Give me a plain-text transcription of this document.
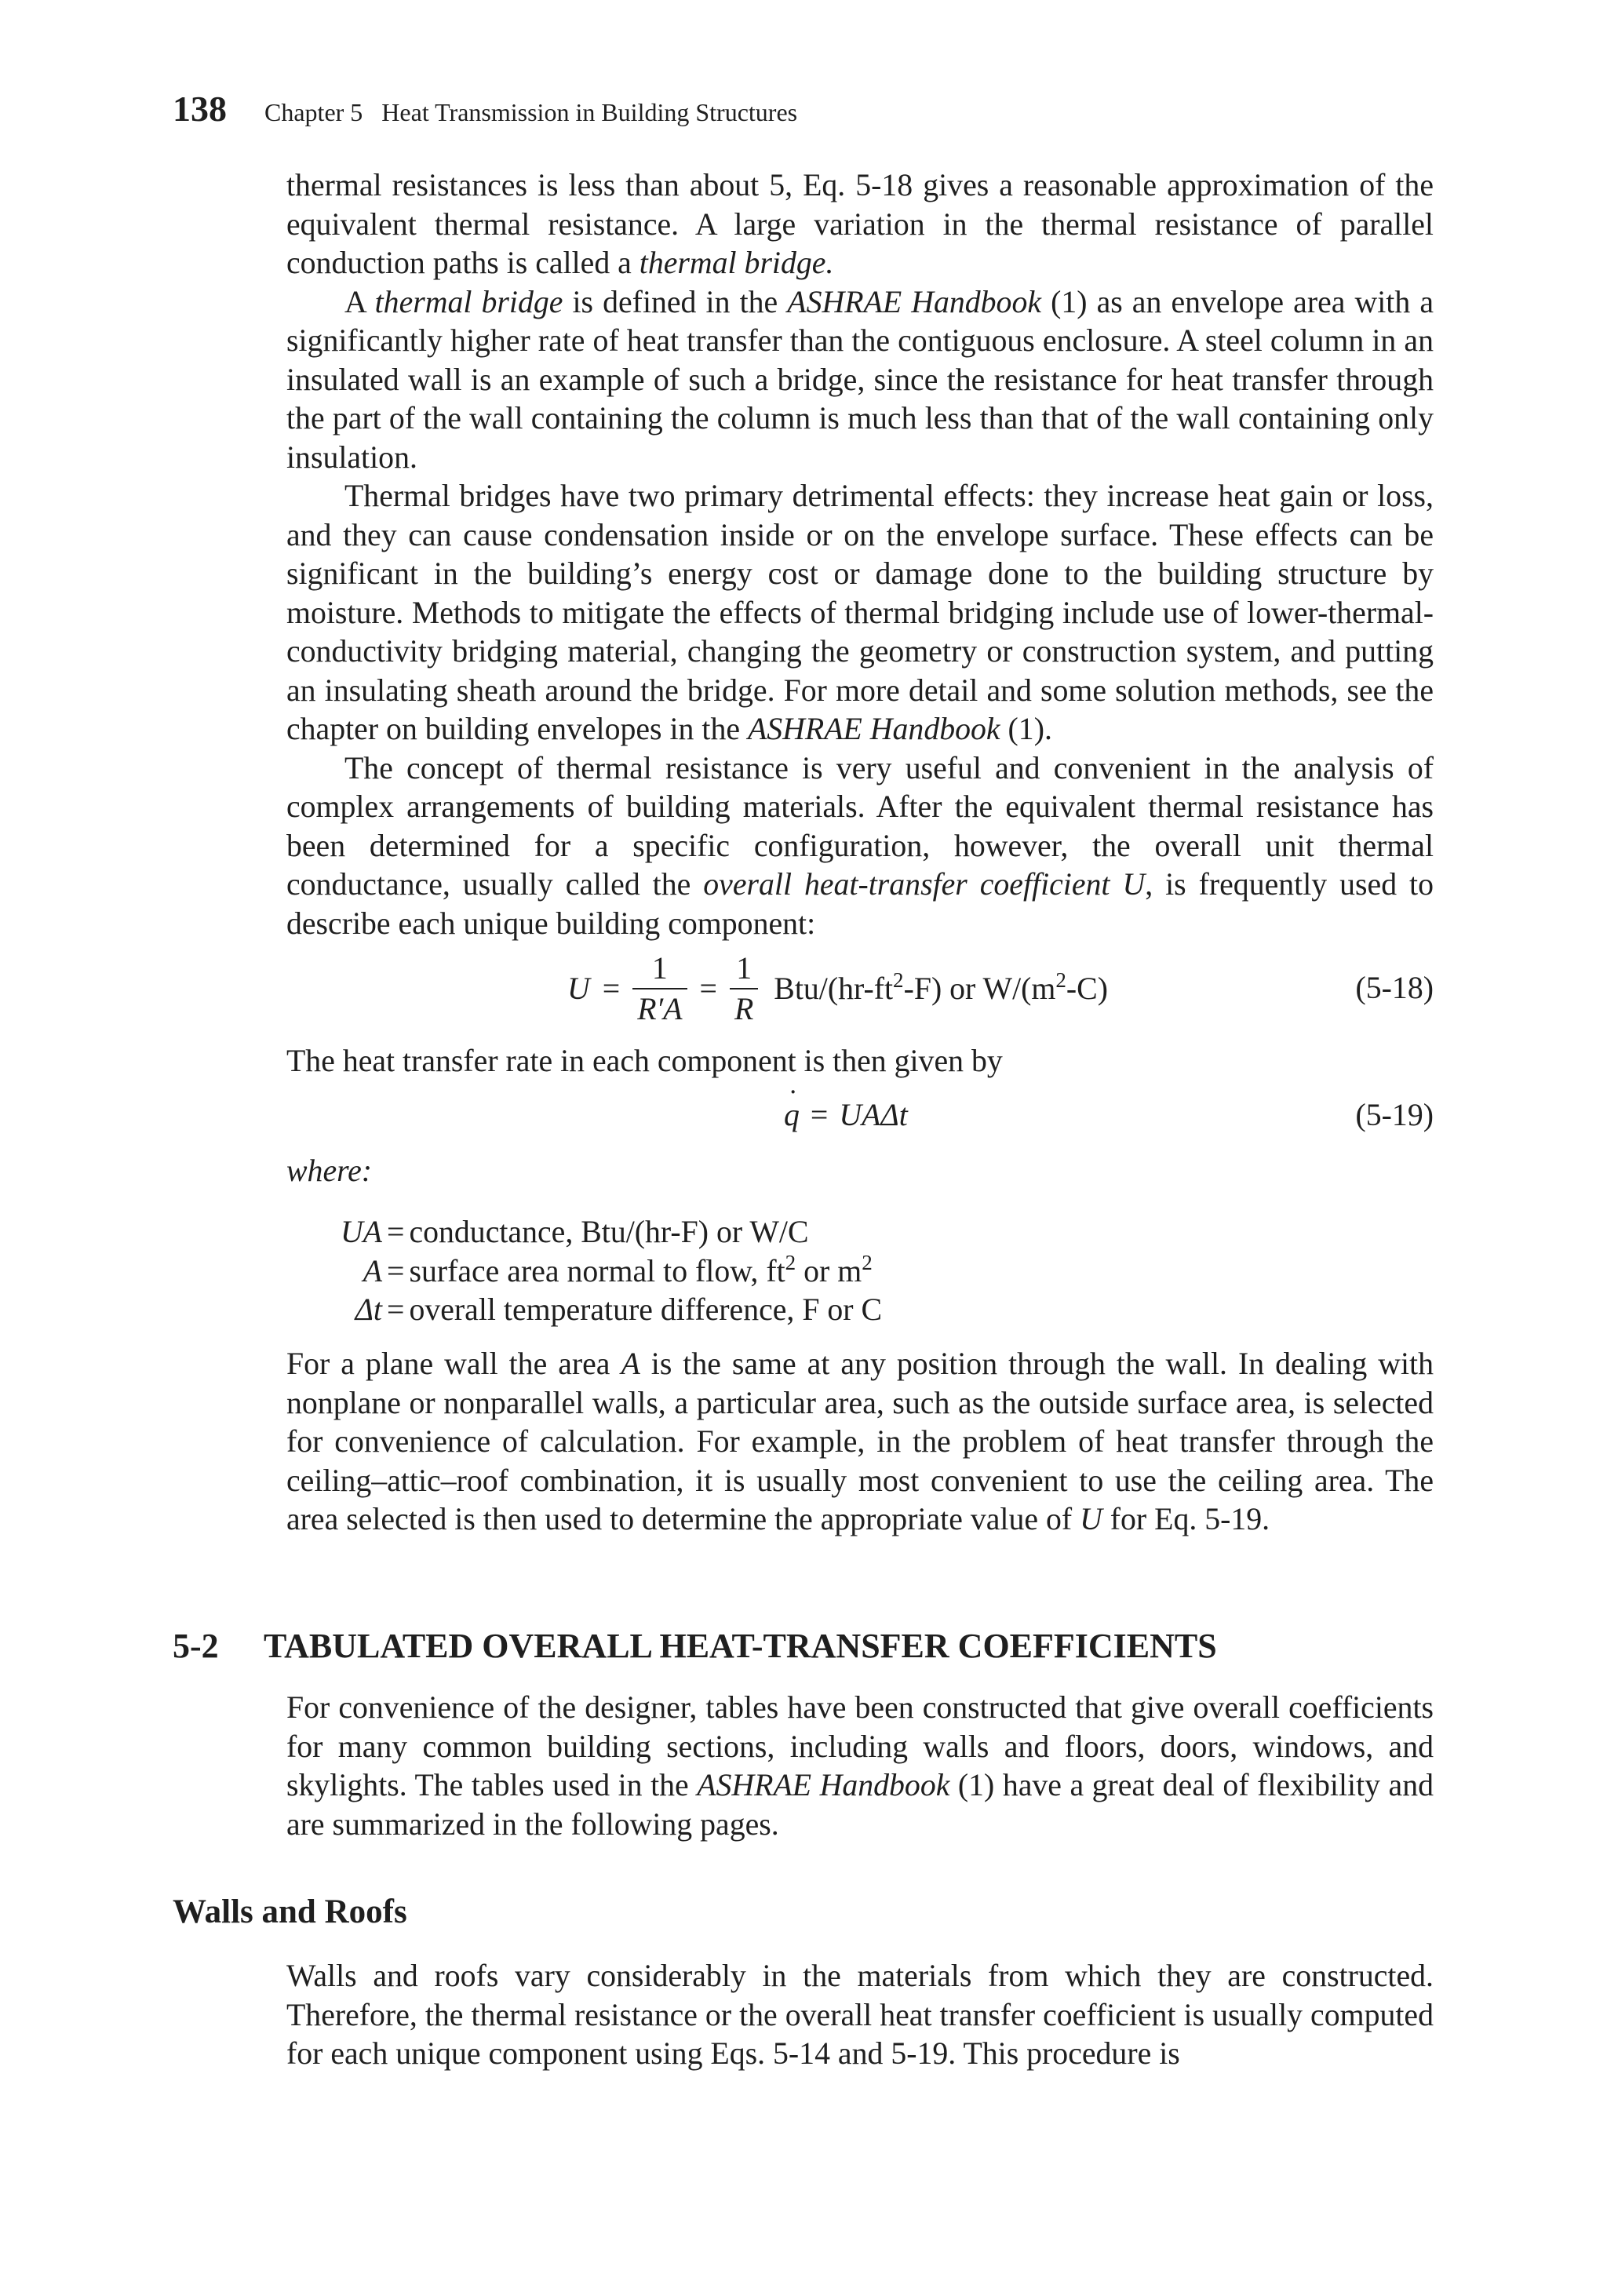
138 Chapter 5 Heat Transmission in Building Structures

thermal resistances is less than about 5, Eq. 5-18 gives a reasonable approximation of the equivalent thermal resistance. A large variation in the thermal resistance of parallel conduction paths is called a thermal bridge.

A thermal bridge is defined in the ASHRAE Handbook (1) as an envelope area with a significantly higher rate of heat transfer than the contiguous enclosure. A steel column in an insulated wall is an example of such a bridge, since the resistance for heat transfer through the part of the wall containing the column is much less than that of the wall containing only insulation.

Thermal bridges have two primary detrimental effects: they increase heat gain or loss, and they can cause condensation inside or on the envelope surface. These effects can be significant in the building’s energy cost or damage done to the building structure by moisture. Methods to mitigate the effects of thermal bridging include use of lower-thermal-conductivity bridging material, changing the geometry or construction system, and putting an insulating sheath around the bridge. For more detail and some solution methods, see the chapter on building envelopes in the ASHRAE Handbook (1).

The concept of thermal resistance is very useful and convenient in the analysis of complex arrangements of building materials. After the equivalent thermal resistance has been determined for a specific configuration, however, the overall unit thermal conductance, usually called the overall heat-transfer coefficient U, is frequently used to describe each unique building component:

$U = \frac{1}{R'A} = \frac{1}{R} Btu/(hr-ft^2-F)$ or $W/(m^2-C)$	(5-18)

The heat transfer rate in each component is then given by

q ˙ = UAΔt	(5-19)

where:

UA = conductance, Btu/(hr-F) or W/C
A = surface area normal to flow, $ft^2$ or $m^2$
Δt = overall temperature difference, F or C

For a plane wall the area A is the same at any position through the wall. In dealing with nonplane or nonparallel walls, a particular area, such as the outside surface area, is selected for convenience of calculation. For example, in the problem of heat transfer through the ceiling–attic–roof combination, it is usually most convenient to use the ceiling area. The area selected is then used to determine the appropriate value of U for Eq. 5-19.

5-2 TABULATED OVERALL HEAT-TRANSFER COEFFICIENTS

For convenience of the designer, tables have been constructed that give overall coefficients for many common building sections, including walls and floors, doors, windows, and skylights. The tables used in the ASHRAE Handbook (1) have a great deal of flexibility and are summarized in the following pages.

Walls and Roofs

Walls and roofs vary considerably in the materials from which they are constructed. Therefore, the thermal resistance or the overall heat transfer coefficient is usually computed for each unique component using Eqs. 5-14 and 5-19. This procedure is
